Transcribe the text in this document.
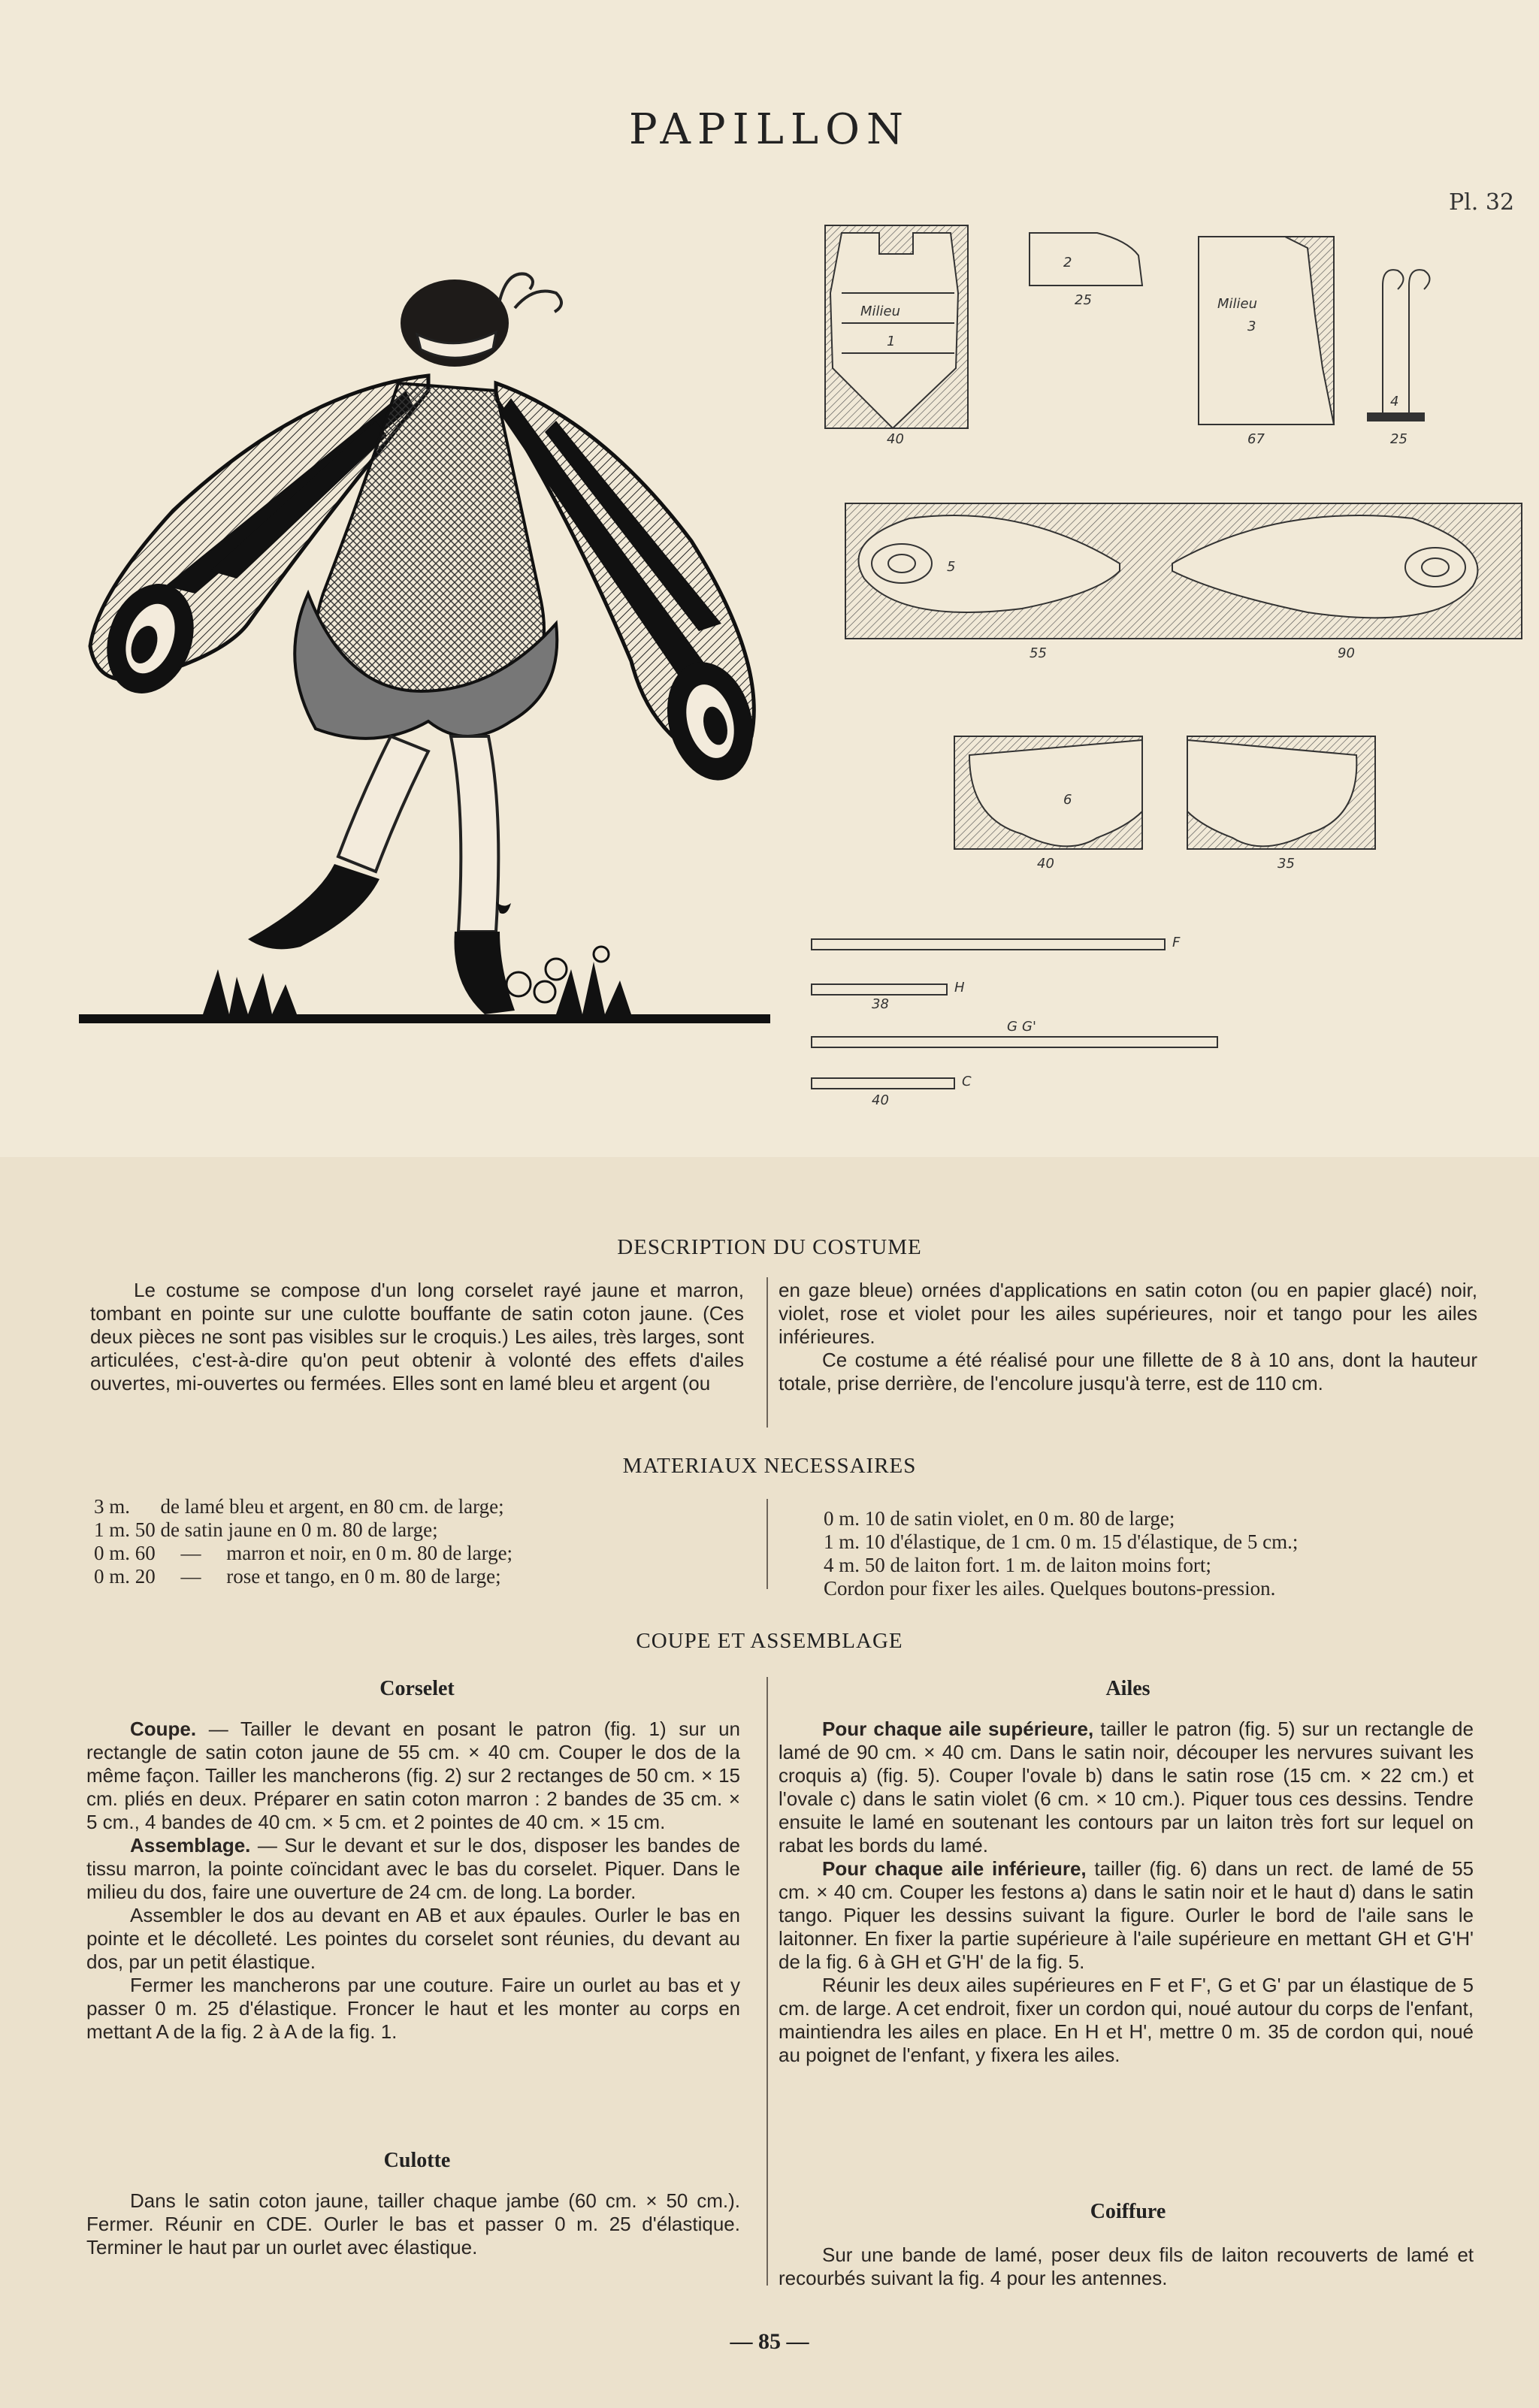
PAPILLON
Pl. 32
1
Milieu
40
2
25
3
Milieu
67
4
25
5
55	90
6
40	35
F
H
38
G G'
C
40
DESCRIPTION DU COSTUME

Le costume se compose d'un long corselet rayé jaune et marron, tombant en pointe sur une culotte bouffante de satin coton jaune. (Ces deux pièces ne sont pas visibles sur le croquis.) Les ailes, très larges, sont articulées, c'est-à-dire qu'on peut obtenir à volonté des effets d'ailes ouvertes, mi-ouvertes ou fermées. Elles sont en lamé bleu et argent (ou

en gaze bleue) ornées d'applications en satin coton (ou en papier glacé) noir, violet, rose et violet pour les ailes supérieures, noir et tango pour les ailes inférieures.

Ce costume a été réalisé pour une fillette de 8 à 10 ans, dont la hauteur totale, prise derrière, de l'encolure jusqu'à terre, est de 110 cm.

MATERIAUX NECESSAIRES
3 m.      de lamé bleu et argent, en 80 cm. de large;
1 m. 50 de satin jaune en 0 m. 80 de large;
0 m. 60     —     marron et noir, en 0 m. 80 de large;
0 m. 20     —     rose et tango, en 0 m. 80 de large;
0 m. 10 de satin violet, en 0 m. 80 de large;
1 m. 10 d'élastique, de 1 cm. 0 m. 15 d'élastique, de 5 cm.;
4 m. 50 de laiton fort. 1 m. de laiton moins fort;
Cordon pour fixer les ailes. Quelques boutons-pression.
COUPE ET ASSEMBLAGE
Corselet

Coupe. — Tailler le devant en posant le patron (fig. 1) sur un rectangle de satin coton jaune de 55 cm. × 40 cm. Couper le dos de la même façon. Tailler les mancherons (fig. 2) sur 2 rectanges de 50 cm. × 15 cm. pliés en deux. Préparer en satin coton marron : 2 bandes de 35 cm. × 5 cm., 4 bandes de 40 cm. × 5 cm. et 2 pointes de 40 cm. × 15 cm.

Assemblage. — Sur le devant et sur le dos, disposer les bandes de tissu marron, la pointe coïncidant avec le bas du corselet. Piquer. Dans le milieu du dos, faire une ouverture de 24 cm. de long. La border.

Assembler le dos au devant en AB et aux épaules. Ourler le bas en pointe et le décolleté. Les pointes du corselet sont réunies, du devant au dos, par un petit élastique.

Fermer les mancherons par une couture. Faire un ourlet au bas et y passer 0 m. 25 d'élastique. Froncer le haut et les monter au corps en mettant A de la fig. 2 à A de la fig. 1.

Culotte

Dans le satin coton jaune, tailler chaque jambe (60 cm. × 50 cm.). Fermer. Réunir en CDE. Ourler le bas et passer 0 m. 25 d'élastique. Terminer le haut par un ourlet avec élastique.

Ailes

Pour chaque aile supérieure, tailler le patron (fig. 5) sur un rectangle de lamé de 90 cm. × 40 cm. Dans le satin noir, découper les nervures suivant les croquis a) (fig. 5). Couper l'ovale b) dans le satin rose (15 cm. × 22 cm.) et l'ovale c) dans le satin violet (6 cm. × 10 cm.). Piquer tous ces dessins. Tendre ensuite le lamé en soutenant les contours par un laiton très fort sur lequel on rabat les bords du lamé.

Pour chaque aile inférieure, tailler (fig. 6) dans un rect. de lamé de 55 cm. × 40 cm. Couper les festons a) dans le satin noir et le haut d) dans le satin tango. Piquer les dessins suivant la figure. Ourler le bord de l'aile sans le laitonner. En fixer la partie supérieure à l'aile supérieure en mettant GH et G'H' de la fig. 6 à GH et G'H' de la fig. 5.

Réunir les deux ailes supérieures en F et F', G et G' par un élastique de 5 cm. de large. A cet endroit, fixer un cordon qui, noué autour du corps de l'enfant, maintiendra les ailes en place. En H et H', mettre 0 m. 35 de cordon qui, noué au poignet de l'enfant, y fixera les ailes.

Coiffure

Sur une bande de lamé, poser deux fils de laiton recouverts de lamé et recourbés suivant la fig. 4 pour les antennes.

— 85 —
